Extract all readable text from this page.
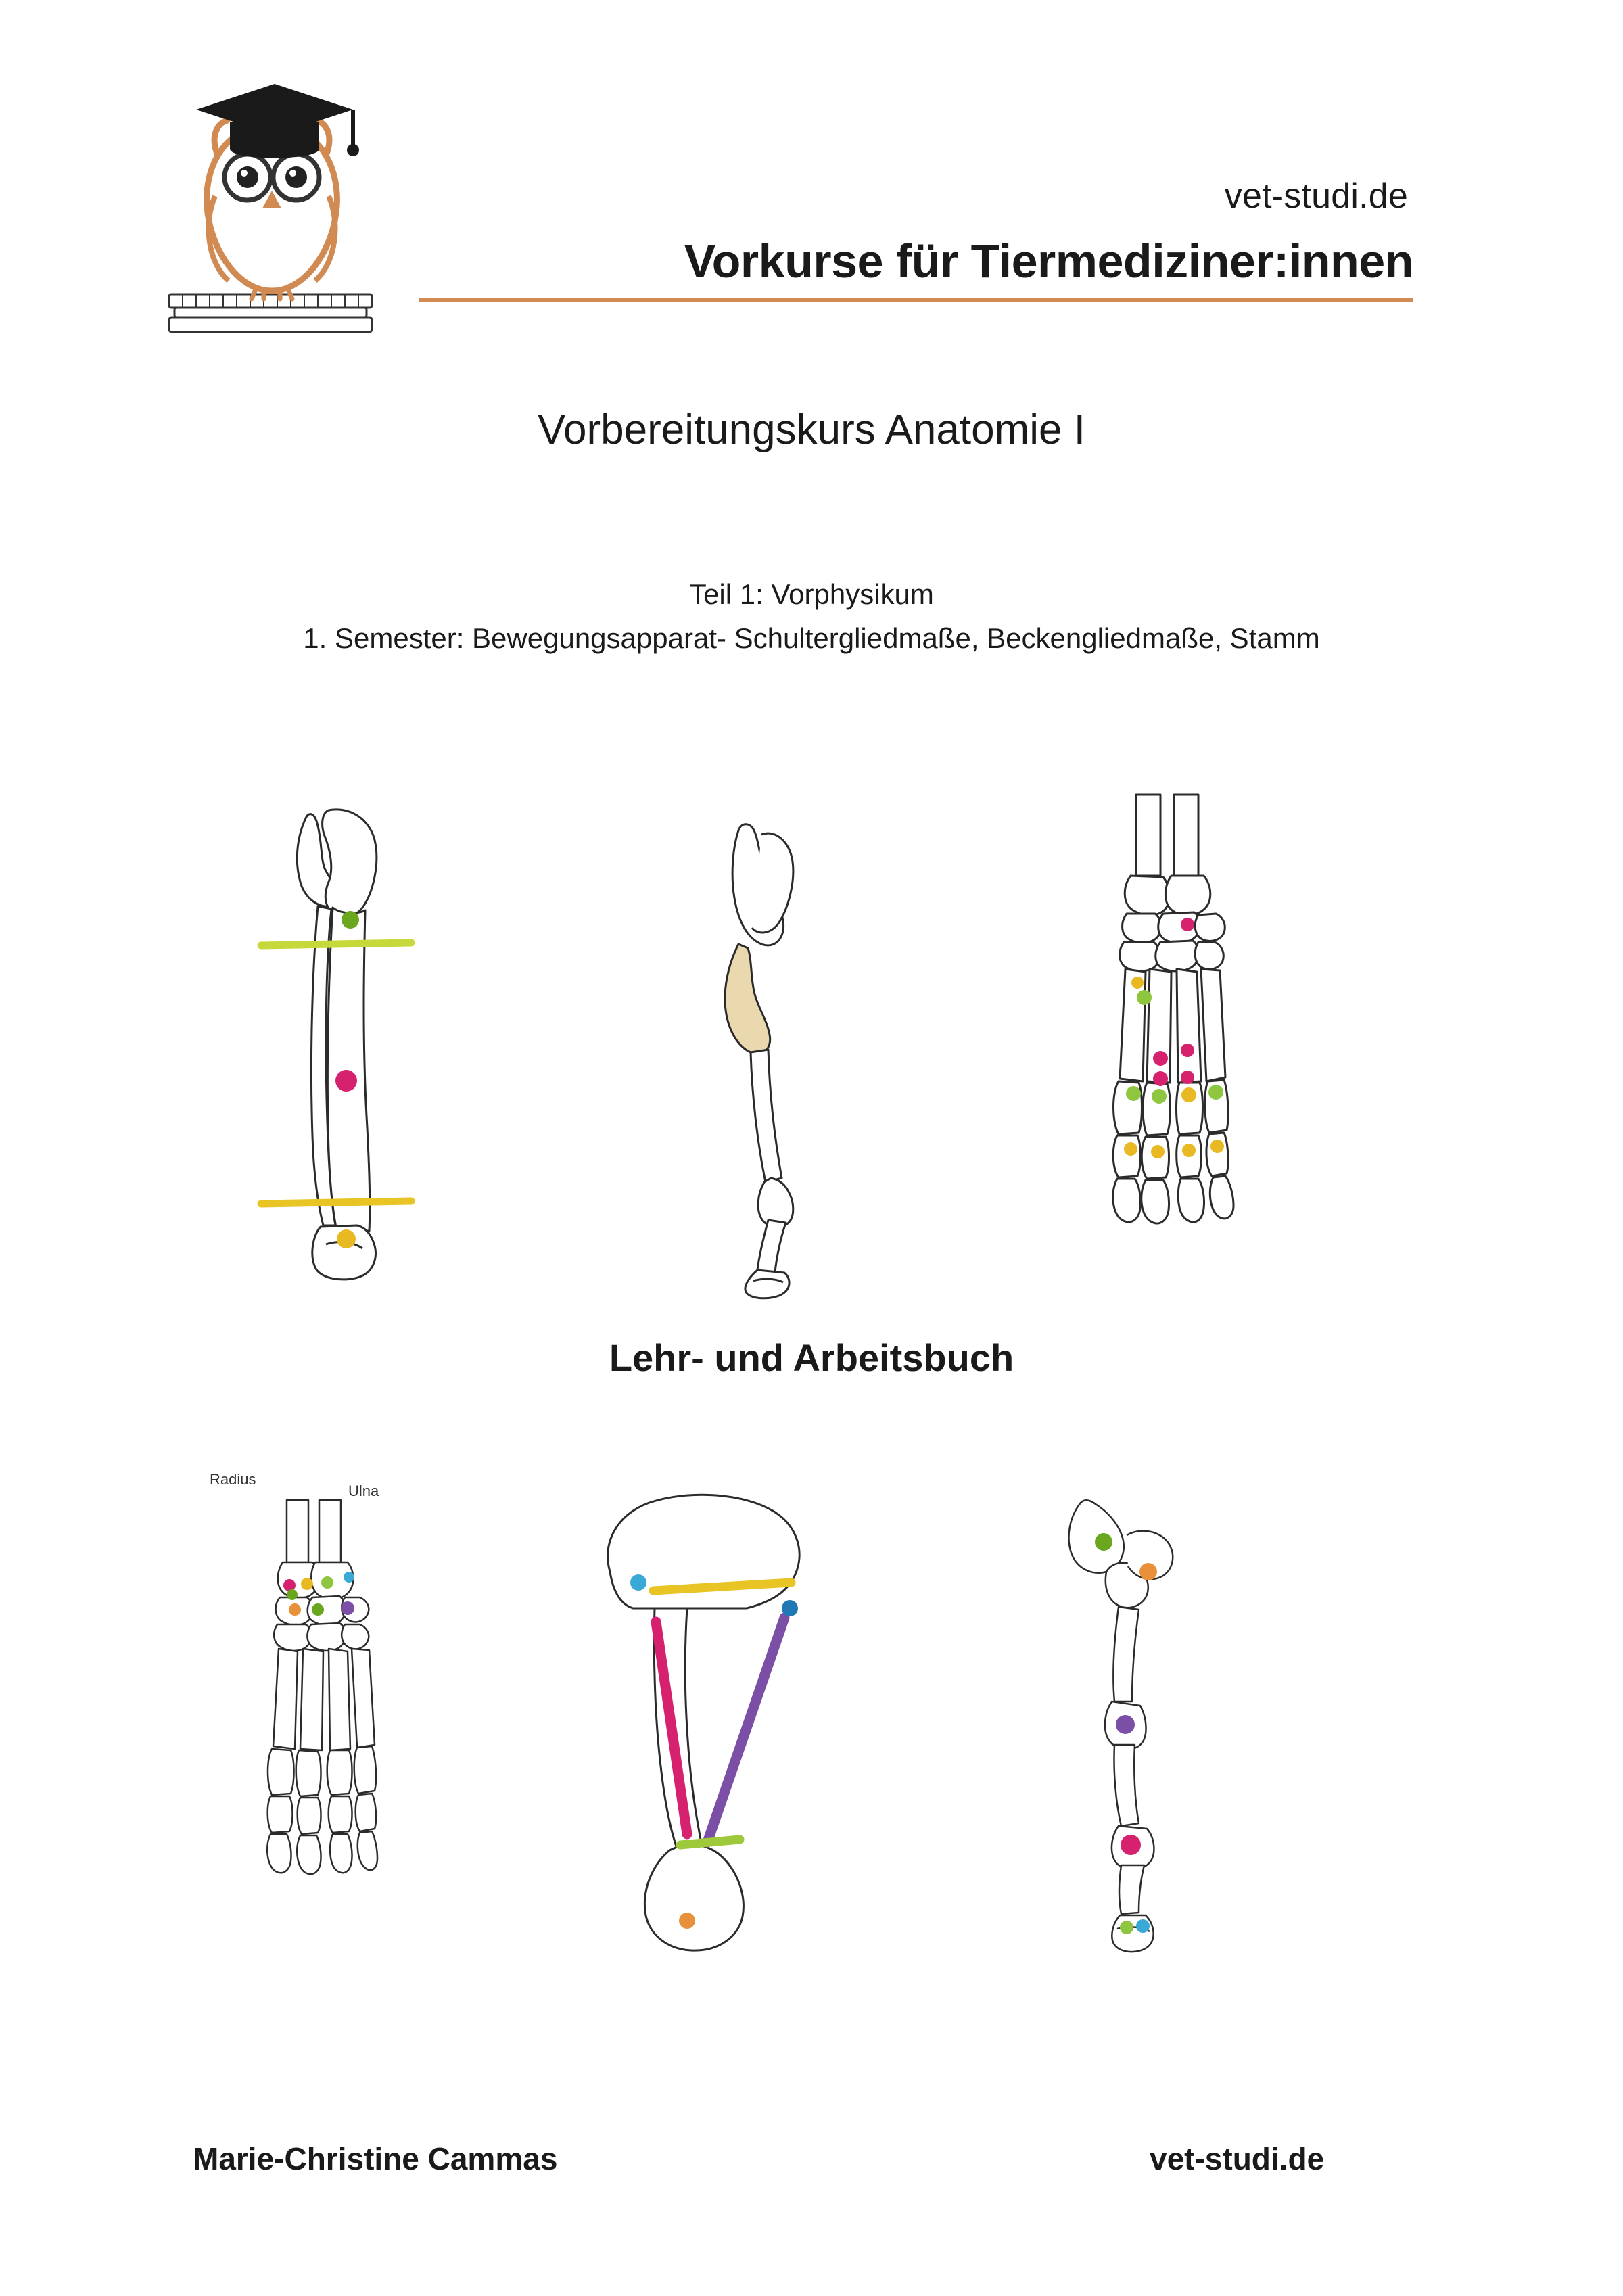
vet-studi.de
Vorkurse für Tiermediziner:innen
Vorbereitungskurs Anatomie I
Teil 1: Vorphysikum
1. Semester: Bewegungsapparat- Schultergliedmaße, Beckengliedmaße, Stamm
Lehr- und Arbeitsbuch
Radius
Ulna
Marie-Christine Cammas	vet-studi.de
